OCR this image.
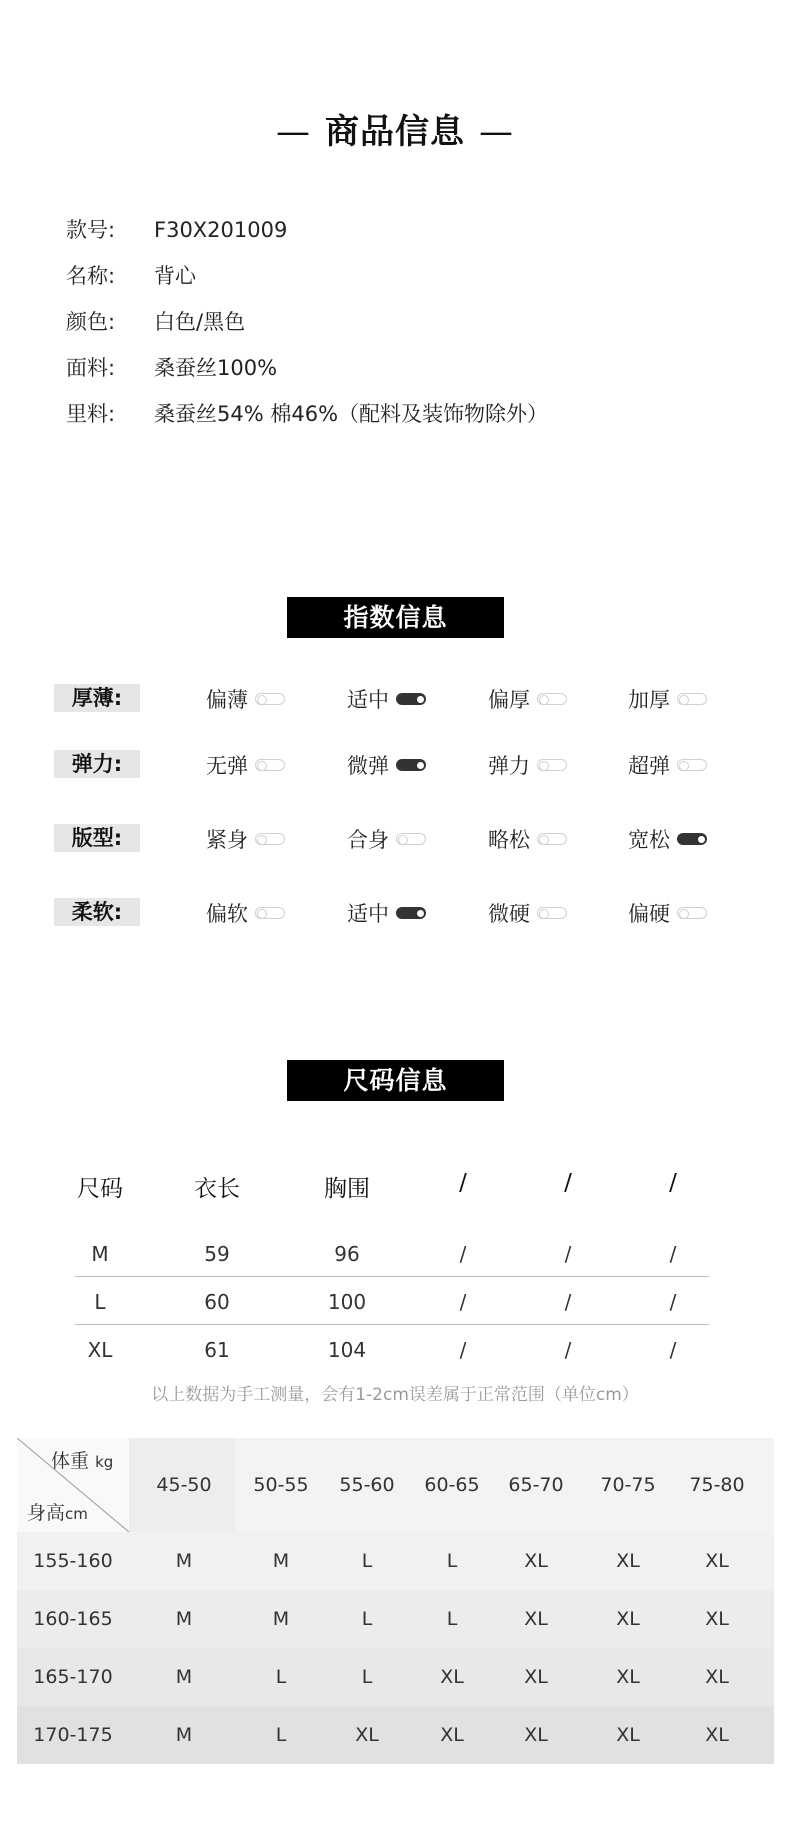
— 商品信息 —
款号: F30X201009
名称: 背心
颜色: 白色/黑色
面料: 桑蚕丝100%
里料: 桑蚕丝54% 棉46%（配料及装饰物除外）
指数信息
厚薄:	偏薄	适中	偏厚	加厚
弹力:	无弹	微弹	弹力	超弹
版型:	紧身	合身	略松	宽松
柔软:	偏软	适中	微硬	偏硬
尺码信息
尺码	衣长	胸围	/	/	/
M	59	96	/	/	/
L	60	100	/	/	/
XL	61	104	/	/	/
以上数据为手工测量，会有1-2cm误差属于正常范围（单位cm）
体重 kg
身高cm
45-50	50-55	55-60	60-65	65-70	70-75	75-80
155-160	M	M	L	L	XL	XL	XL
160-165	M	M	L	L	XL	XL	XL
165-170	M	L	L	XL	XL	XL	XL
170-175	M	L	XL	XL	XL	XL	XL
